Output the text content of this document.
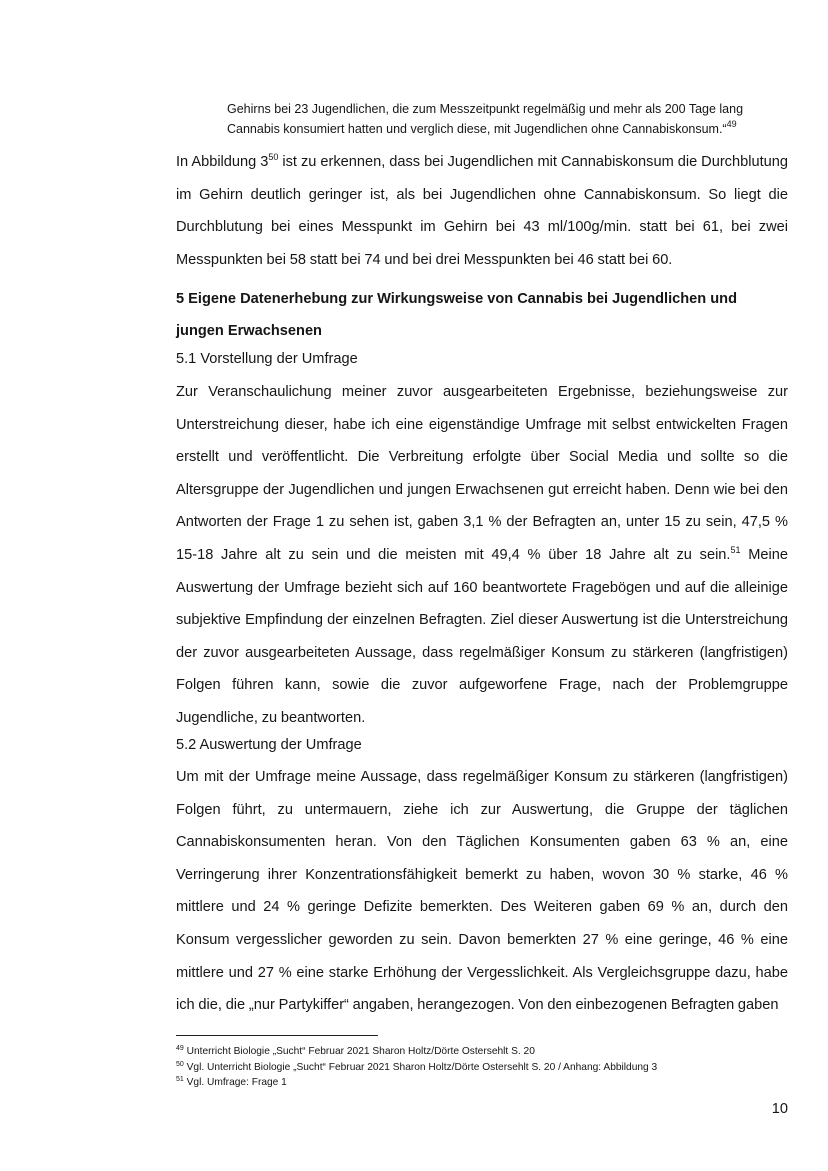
Gehirns bei 23 Jugendlichen, die zum Messzeitpunkt regelmäßig und mehr als 200 Tage lang Cannabis konsumiert hatten und verglich diese, mit Jugendlichen ohne Cannabiskonsum.“$^{49}$

In Abbildung $3^{50}$ ist zu erkennen, dass bei Jugendlichen mit Cannabiskonsum die Durchblutung im Gehirn deutlich geringer ist, als bei Jugendlichen ohne Cannabiskonsum. So liegt die Durchblutung bei eines Messpunkt im Gehirn bei 43 ml/100g/min. statt bei 61, bei zwei Messpunkten bei 58 statt bei 74 und bei drei Messpunkten bei 46 statt bei 60.

5 Eigene Datenerhebung zur Wirkungsweise von Cannabis bei Jugendlichen und jungen Erwachsenen

5.1 Vorstellung der Umfrage

Zur Veranschaulichung meiner zuvor ausgearbeiteten Ergebnisse, beziehungsweise zur Unterstreichung dieser, habe ich eine eigenständige Umfrage mit selbst entwickelten Fragen erstellt und veröffentlicht. Die Verbreitung erfolgte über Social Media und sollte so die Altersgruppe der Jugendlichen und jungen Erwachsenen gut erreicht haben. Denn wie bei den Antworten der Frage 1 zu sehen ist, gaben 3,1 % der Befragten an, unter 15 zu sein, 47,5 % 15-18 Jahre alt zu sein und die meisten mit 49,4 % über 18 Jahre alt zu sein.$^{51}$ Meine Auswertung der Umfrage bezieht sich auf 160 beantwortete Fragebögen und auf die alleinige subjektive Empfindung der einzelnen Befragten. Ziel dieser Auswertung ist die Unterstreichung der zuvor ausgearbeiteten Aussage, dass regelmäßiger Konsum zu stärkeren (langfristigen) Folgen führen kann, sowie die zuvor aufgeworfene Frage, nach der Problemgruppe Jugendliche, zu beantworten.

5.2 Auswertung der Umfrage

Um mit der Umfrage meine Aussage, dass regelmäßiger Konsum zu stärkeren (langfristigen) Folgen führt, zu untermauern, ziehe ich zur Auswertung, die Gruppe der täglichen Cannabiskonsumenten heran. Von den Täglichen Konsumenten gaben 63 % an, eine Verringerung ihrer Konzentrationsfähigkeit bemerkt zu haben, wovon 30 % starke, 46 % mittlere und 24 % geringe Defizite bemerkten. Des Weiteren gaben 69 % an, durch den Konsum vergesslicher geworden zu sein. Davon bemerkten 27 % eine geringe, 46 % eine mittlere und 27 % eine starke Erhöhung der Vergesslichkeit. Als Vergleichsgruppe dazu, habe ich die, die „nur Partykiffer“ angaben, herangezogen. Von den einbezogenen Befragten gaben

$^{49}$ Unterricht Biologie „Sucht“ Februar 2021 Sharon Holtz/Dörte Ostersehlt S. 20
$^{50}$ Vgl. Unterricht Biologie „Sucht“ Februar 2021 Sharon Holtz/Dörte Ostersehlt S. 20 / Anhang: Abbildung 3
$^{51}$ Vgl. Umfrage: Frage 1
10
